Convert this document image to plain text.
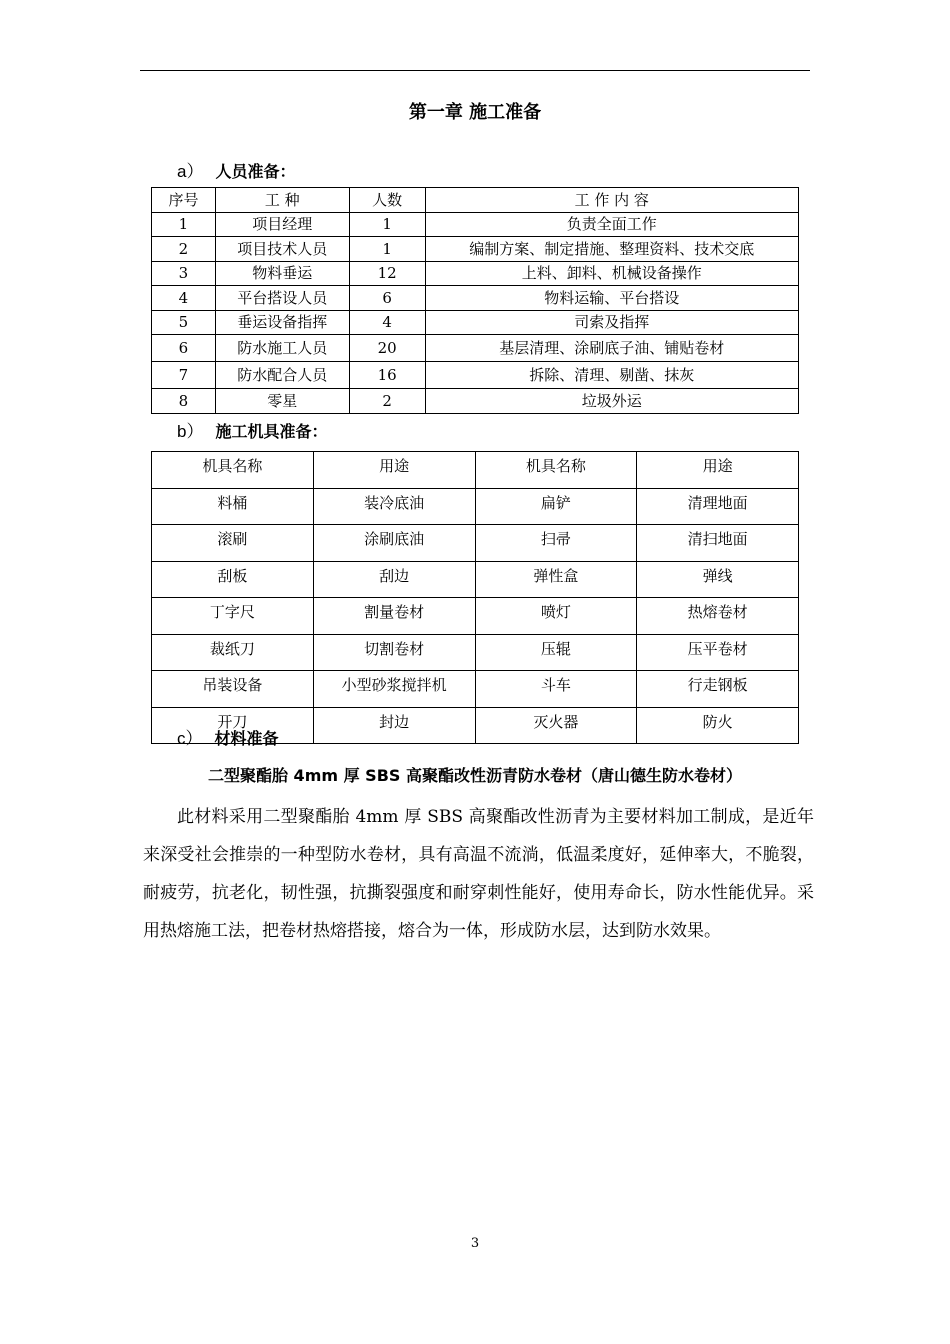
第一章 施工准备
a） 人员准备：
序号	工 种	人数	工 作 内 容
1	项目经理	1	负责全面工作
2	项目技术人员	1	编制方案、制定措施、整理资料、技术交底
3	物料垂运	12	上料、卸料、机械设备操作
4	平台搭设人员	6	物料运输、平台搭设
5	垂运设备指挥	4	司索及指挥
6	防水施工人员	20	基层清理、涂刷底子油、铺贴卷材
7	防水配合人员	16	拆除、清理、剔凿、抹灰
8	零星	2	垃圾外运
b） 施工机具准备：
机具名称	用途	机具名称	用途
料桶	装冷底油	扁铲	清理地面
滚刷	涂刷底油	扫帚	清扫地面
刮板	刮边	弹性盒	弹线
丁字尺	割量卷材	喷灯	热熔卷材
裁纸刀	切割卷材	压辊	压平卷材
吊装设备	小型砂浆搅拌机	斗车	行走钢板
开刀	封边	灭火器	防火
c） 材料准备
二型聚酯胎 4mm 厚 SBS 高聚酯改性沥青防水卷材（唐山德生防水卷材）
此材料采用二型聚酯胎 4mm 厚 SBS 高聚酯改性沥青为主要材料加工制成，是近年来深受社会推崇的一种型防水卷材，具有高温不流淌，低温柔度好，延伸率大，不脆裂，耐疲劳，抗老化，韧性强，抗撕裂强度和耐穿刺性能好，使用寿命长，防水性能优异。采用热熔施工法，把卷材热熔搭接，熔合为一体，形成防水层，达到防水效果。
3
